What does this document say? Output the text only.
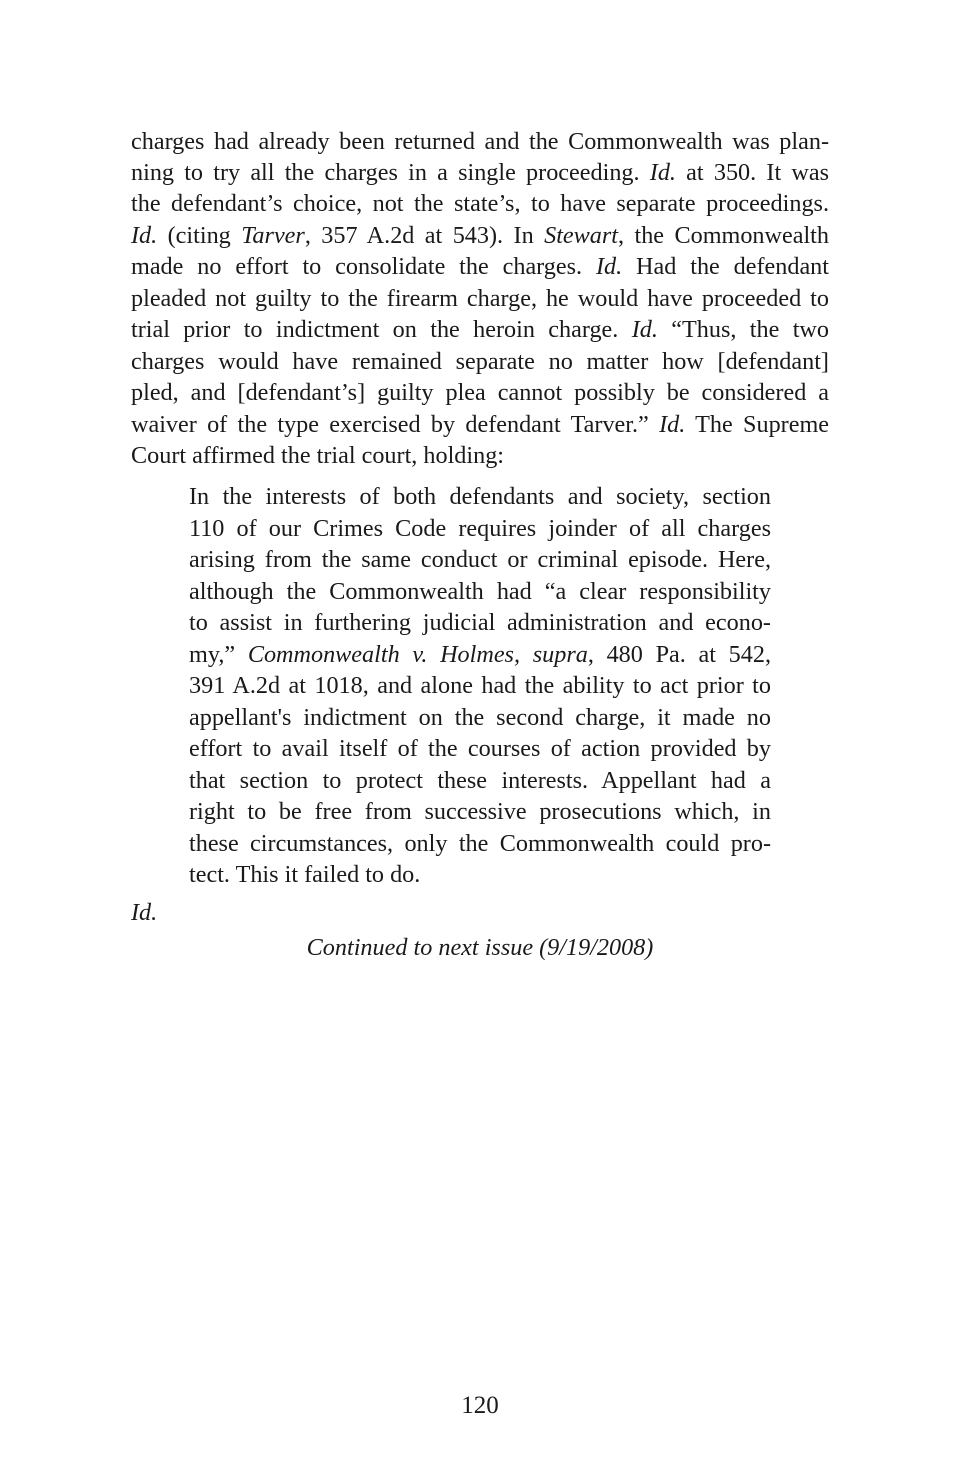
charges had already been returned and the Commonwealth was plan-
ning to try all the charges in a single proceeding. Id. at 350. It was
the defendant’s choice, not the state’s, to have separate proceedings.
Id. (citing Tarver, 357 A.2d at 543). In Stewart, the Commonwealth
made no effort to consolidate the charges. Id. Had the defendant
pleaded not guilty to the firearm charge, he would have proceeded to
trial prior to indictment on the heroin charge. Id. “Thus, the two
charges would have remained separate no matter how [defendant]
pled, and [defendant’s] guilty plea cannot possibly be considered a
waiver of the type exercised by defendant Tarver.” Id. The Supreme
Court affirmed the trial court, holding:
In the interests of both defendants and society, section
110 of our Crimes Code requires joinder of all charges
arising from the same conduct or criminal episode. Here,
although the Commonwealth had “a clear responsibility
to assist in furthering judicial administration and econo-
my,” Commonwealth v. Holmes, supra, 480 Pa. at 542,
391 A.2d at 1018, and alone had the ability to act prior to
appellant's indictment on the second charge, it made no
effort to avail itself of the courses of action provided by
that section to protect these interests. Appellant had a
right to be free from successive prosecutions which, in
these circumstances, only the Commonwealth could pro-
tect. This it failed to do.
Id.
Continued to next issue (9/19/2008)
120
